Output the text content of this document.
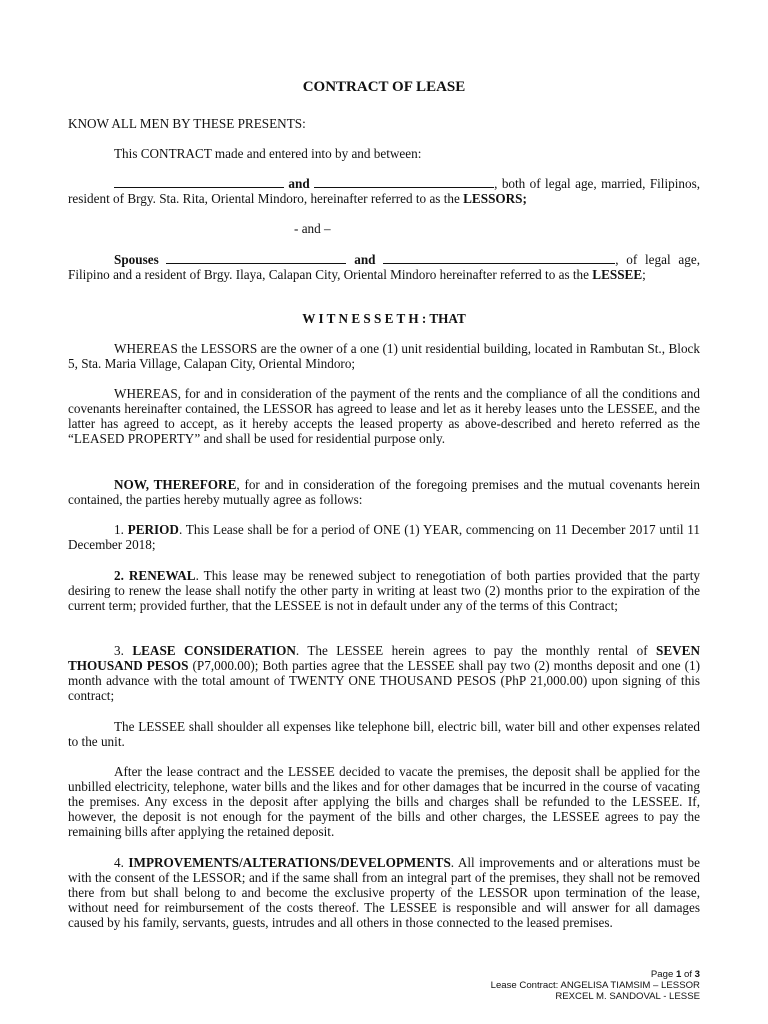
CONTRACT OF LEASE
KNOW ALL MEN BY THESE PRESENTS:
This CONTRACT made and entered into by and between:
and	, both of legal age, married, Filipinos, resident of Brgy. Sta. Rita, Oriental Mindoro, hereinafter referred to as the LESSORS;
- and –
Spouses	and	, of legal age, Filipino and a resident of Brgy. Ilaya, Calapan City, Oriental Mindoro hereinafter referred to as the LESSEE;
W I T N E S S E T H : THAT
WHEREAS the LESSORS are the owner of a one (1) unit residential building, located in Rambutan St., Block 5, Sta. Maria Village, Calapan City, Oriental Mindoro;
WHEREAS, for and in consideration of the payment of the rents and the compliance of all the conditions and covenants hereinafter contained, the LESSOR has agreed to lease and let as it hereby leases unto the LESSEE, and the latter has agreed to accept, as it hereby accepts the leased property as above-described and hereto referred as the “LEASED PROPERTY” and shall be used for residential purpose only.
NOW, THEREFORE, for and in consideration of the foregoing premises and the mutual covenants herein contained, the parties hereby mutually agree as follows:
1. PERIOD. This Lease shall be for a period of ONE (1) YEAR, commencing on 11 December 2017 until 11 December 2018;
2. RENEWAL. This lease may be renewed subject to renegotiation of both parties provided that the party desiring to renew the lease shall notify the other party in writing at least two (2) months prior to the expiration of the current term; provided further, that the LESSEE is not in default under any of the terms of this Contract;
3. LEASE CONSIDERATION. The LESSEE herein agrees to pay the monthly rental of SEVEN THOUSAND PESOS (P7,000.00); Both parties agree that the LESSEE shall pay two (2) months deposit and one (1) month advance with the total amount of TWENTY ONE THOUSAND PESOS (PhP 21,000.00) upon signing of this contract;
The LESSEE shall shoulder all expenses like telephone bill, electric bill, water bill and other expenses related to the unit.
After the lease contract and the LESSEE decided to vacate the premises, the deposit shall be applied for the unbilled electricity, telephone, water bills and the likes and for other damages that be incurred in the course of vacating the premises. Any excess in the deposit after applying the bills and charges shall be refunded to the LESSEE. If, however, the deposit is not enough for the payment of the bills and other charges, the LESSEE agrees to pay the remaining bills after applying the retained deposit.
4. IMPROVEMENTS/ALTERATIONS/DEVELOPMENTS. All improvements and or alterations must be with the consent of the LESSOR; and if the same shall from an integral part of the premises, they shall not be removed there from but shall belong to and become the exclusive property of the LESSOR upon termination of the lease, without need for reimbursement of the costs thereof. The LESSEE is responsible and will answer for all damages caused by his family, servants, guests, intrudes and all others in those connected to the leased premises.
Page 1 of 3
Lease Contract: ANGELISA TIAMSIM – LESSOR
REXCEL M. SANDOVAL - LESSE
